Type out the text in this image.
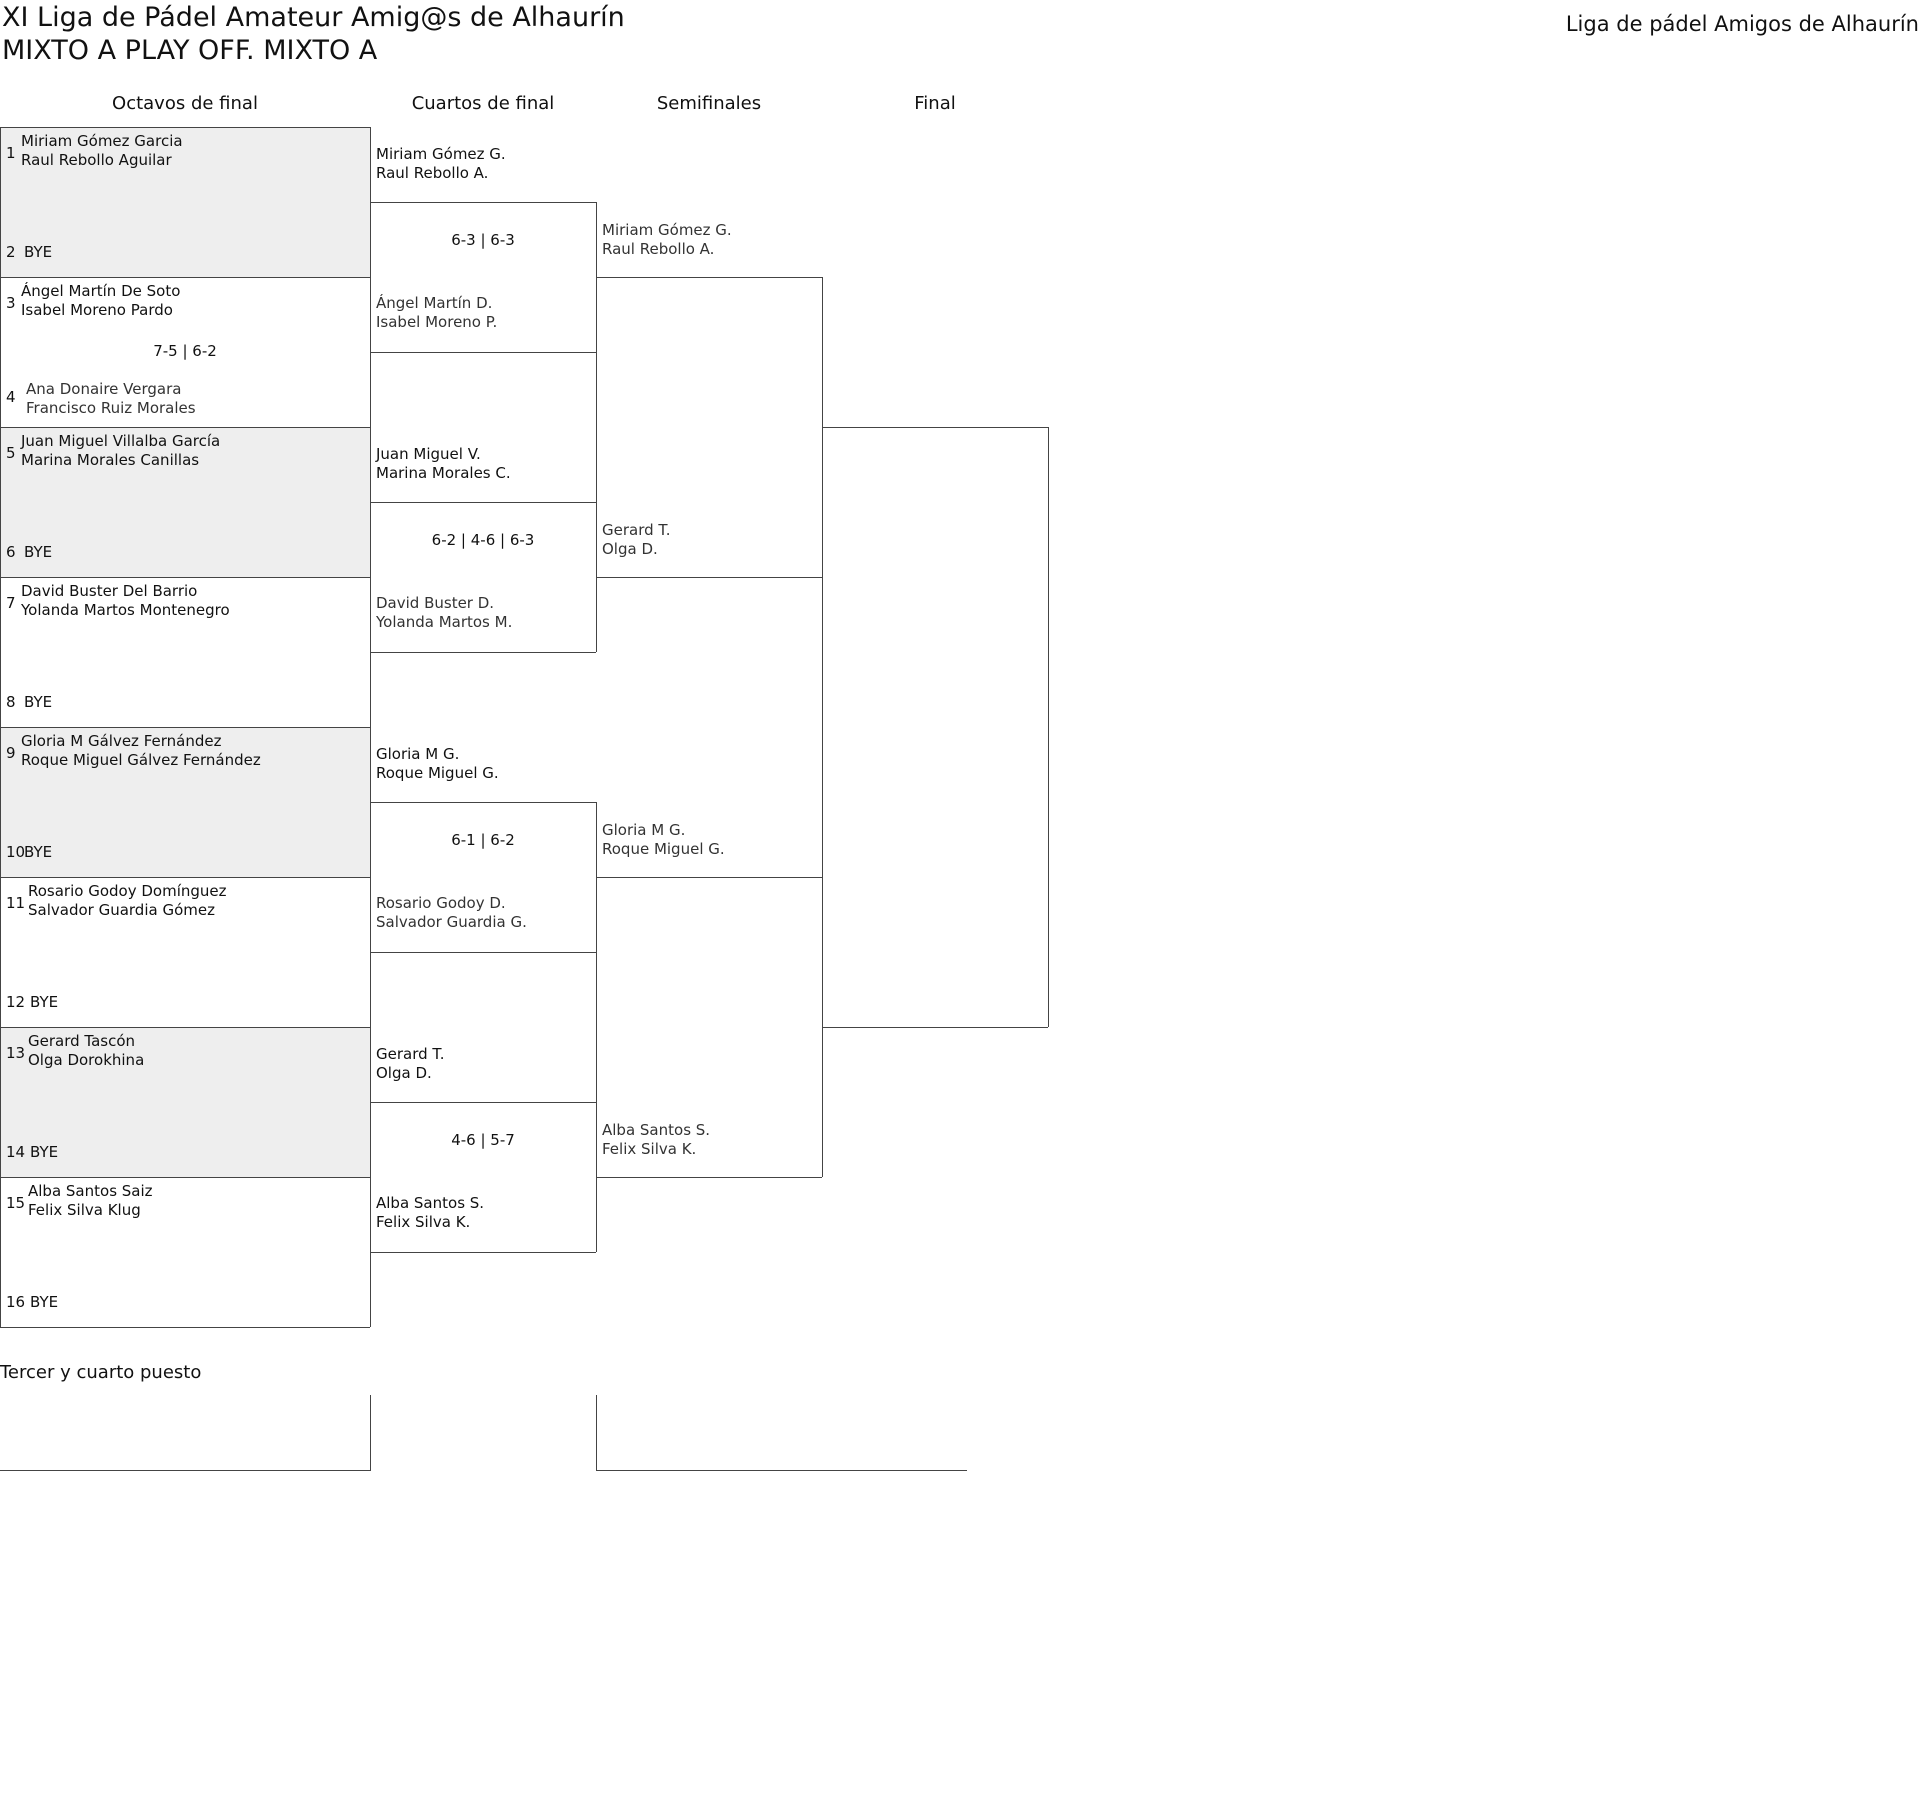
XI Liga de Pádel Amateur Amig@s de Alhaurín
MIXTO A PLAY OFF. MIXTO A
Liga de pádel Amigos de Alhaurín
Octavos de final	Cuartos de final	Semifinales	Final
1
Miriam Gómez Garcia
Raul Rebollo Aguilar
2 BYE
3
Ángel Martín De Soto
Isabel Moreno Pardo
4 Ana Donaire Vergara
Francisco Ruiz Morales
7-5 | 6-2
5
Juan Miguel Villalba García
Marina Morales Canillas
6 BYE
7
David Buster Del Barrio
Yolanda Martos Montenegro
8 BYE
9
Gloria M Gálvez Fernández
Roque Miguel Gálvez Fernández
10
BYE
11
Rosario Godoy Domínguez
Salvador Guardia Gómez
12 BYE
13
Gerard Tascón
Olga Dorokhina
14 BYE
15
Alba Santos Saiz
Felix Silva Klug
16 BYE
Miriam Gómez G.
Raul Rebollo A.
Ángel Martín D.
Isabel Moreno P.
6-3 | 6-3
Juan Miguel V.
Marina Morales C.
David Buster D.
Yolanda Martos M.
6-2 | 4-6 | 6-3
Gloria M G.
Roque Miguel G.
Rosario Godoy D.
Salvador Guardia G.
6-1 | 6-2
Gerard T.
Olga D.
Alba Santos S.
Felix Silva K.
4-6 | 5-7
Miriam Gómez G.
Raul Rebollo A.
Gerard T.
Olga D.
Gloria M G.
Roque Miguel G.
Alba Santos S.
Felix Silva K.
Tercer y cuarto puesto
